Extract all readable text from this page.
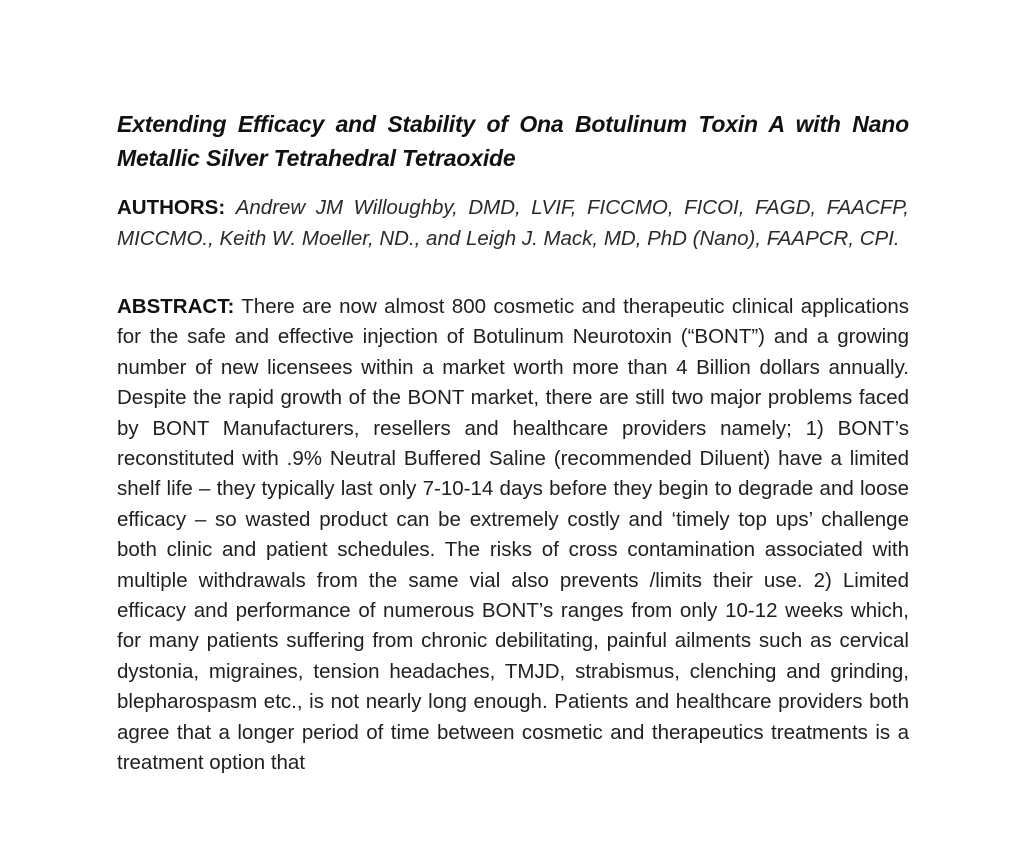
Extending Efficacy and Stability of Ona Botulinum Toxin A with Nano Metallic Silver Tetrahedral Tetraoxide

AUTHORS: Andrew JM Willoughby, DMD, LVIF, FICCMO, FICOI, FAGD, FAACFP, MICCMO., Keith W. Moeller, ND., and Leigh J. Mack, MD, PhD (Nano), FAAPCR, CPI.

ABSTRACT: There are now almost 800 cosmetic and therapeutic clinical applications for the safe and effective injection of Botulinum Neurotoxin (“BONT”) and a growing number of new licensees within a market worth more than 4 Billion dollars annually. Despite the rapid growth of the BONT market, there are still two major problems faced by BONT Manufacturers, resellers and healthcare providers namely; 1) BONT’s reconstituted with .9% Neutral Buffered Saline (recommended Diluent) have a limited shelf life – they typically last only 7-10-14 days before they begin to degrade and loose efficacy – so wasted product can be extremely costly and ‘timely top ups’ challenge both clinic and patient schedules. The risks of cross contamination associated with multiple withdrawals from the same vial also prevents /limits their use. 2) Limited efficacy and performance of numerous BONT’s ranges from only 10-12 weeks which, for many patients suffering from chronic debilitating, painful ailments such as cervical dystonia, migraines, tension headaches, TMJD, strabismus, clenching and grinding, blepharospasm etc., is not nearly long enough. Patients and healthcare providers both agree that a longer period of time between cosmetic and therapeutics treatments is a treatment option that
